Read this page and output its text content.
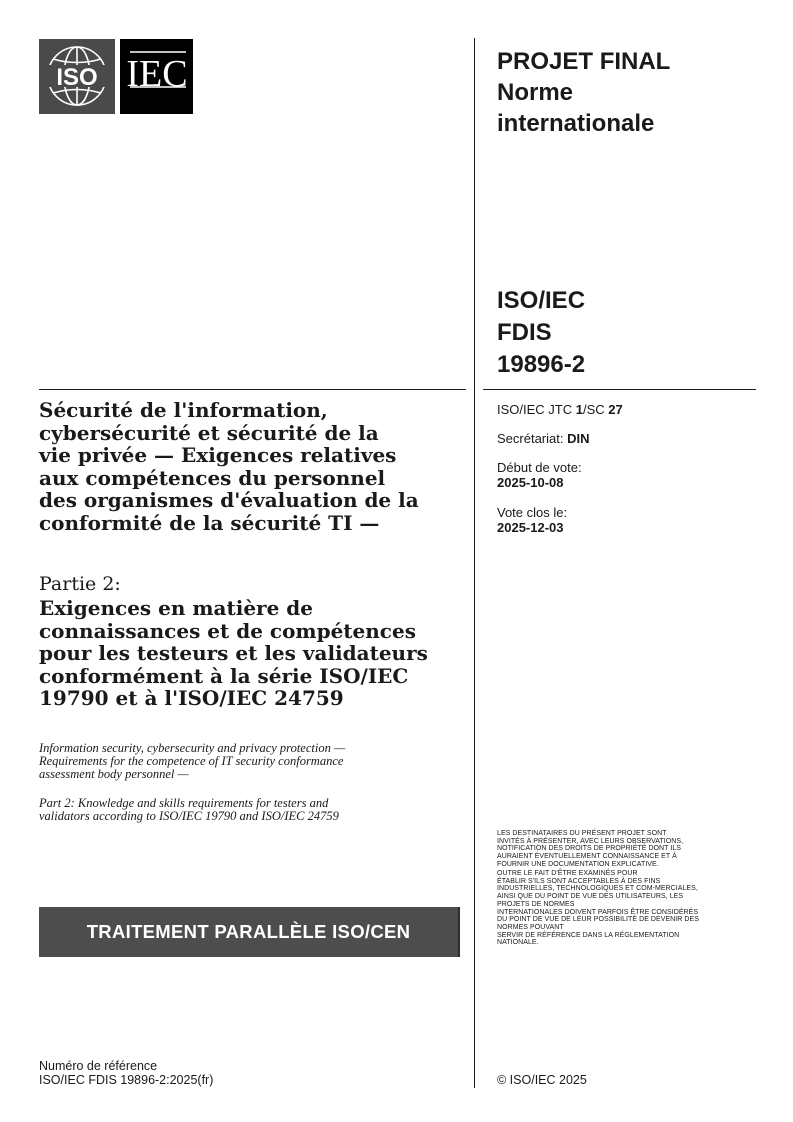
ISO IEC	PROJET FINAL
Norme
internationale
ISO/IEC
FDIS
19896-2
ISO/IEC JTC 1/SC 27
Secrétariat: DIN
Début de vote:
2025-10-08
Vote clos le:
2025-12-03
Sécurité de l'information,
cybersécurité et sécurité de la
vie privée — Exigences relatives
aux compétences du personnel
des organismes d'évaluation de la
conformité de la sécurité TI —
Partie 2:
Exigences en matière de
connaissances et de compétences
pour les testeurs et les validateurs
conformément à la série ISO/IEC
19790 et à l'ISO/IEC 24759
Information security, cybersecurity and privacy protection —
Requirements for the competence of IT security conformance
assessment body personnel —
Part 2: Knowledge and skills requirements for testers and
validators according to ISO/IEC 19790 and ISO/IEC 24759
TRAITEMENT PARALLÈLE ISO/CEN
LES DESTINATAIRES DU PRÉSENT PROJET SONT
INVITÉS À PRÉSENTER, AVEC LEURS OBSERVATIONS,
NOTIFICATION DES DROITS DE PROPRIÉTÉ DONT ILS
AURAIENT ÉVENTUELLEMENT CONNAISSANCE ET À
FOURNIR UNE DOCUMENTATION EXPLICATIVE.
OUTRE LE FAIT D'ÊTRE EXAMINÉS POUR
ÉTABLIR S'ILS SONT ACCEPTABLES À DES FINS
INDUSTRIELLES, TECHNOLOGIQUES ET COM-MERCIALES,
AINSI QUE DU POINT DE VUE DES UTILISATEURS, LES
PROJETS DE NORMES
INTERNATIONALES DOIVENT PARFOIS ÊTRE CONSIDÉRÉS
DU POINT DE VUE DE LEUR POSSIBILITÉ DE DEVENIR DES
NORMES POUVANT
SERVIR DE RÉFÉRENCE DANS LA RÉGLEMENTATION
NATIONALE.
Numéro de référence
ISO/IEC FDIS 19896-2:2025(fr)	© ISO/IEC 2025
